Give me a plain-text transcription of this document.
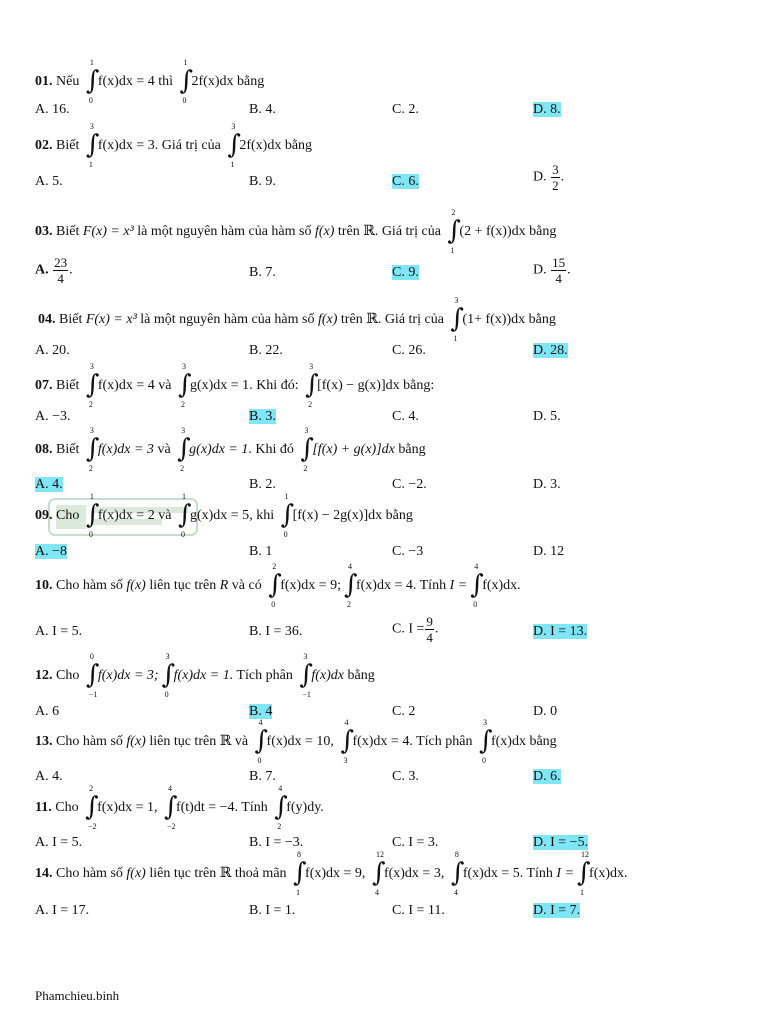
01. Nếu ∫
1
0
f(x)dx = 4 thì ∫
1
0
2f(x)dx bằng
A. 16.	B. 4.	C. 2.	D. 8.
02. Biết ∫
3
1
f(x)dx = 3. Giá trị của ∫
3
1
2f(x)dx bằng
A. 5.	B. 9.	C. 6.	D. $\frac{3}{2}$ .
03. Biết F(x) = x³ là một nguyên hàm của hàm số f(x) trên ℝ. Giá trị của ∫
2
1
(2 + f(x))dx bằng
A. $\frac{23}{4}$ .	B. 7.	C. 9.	D. $\frac{15}{4}$ .
04. Biết F(x) = x³ là một nguyên hàm của hàm số f(x) trên ℝ. Giá trị của ∫
3
1
(1+ f(x))dx bằng
A. 20.	B. 22.	C. 26.	D. 28.
07. Biết ∫
3
2
f(x)dx = 4 và ∫
3
2
g(x)dx = 1. Khi đó: ∫
3
2
[f(x) − g(x)]dx bằng:
A. −3.	B. 3.	C. 4.	D. 5.
08. Biết ∫
3
2
f(x)dx = 3 và ∫
3
2
g(x)dx = 1. Khi đó ∫
3
2
[f(x) + g(x)]dx bằng
A. 4.	B. 2.	C. −2.	D. 3.
09. Cho ∫
1
0
f(x)dx = 2 và ∫
1
0
g(x)dx = 5, khi ∫
1
0
[f(x) − 2g(x)]dx bằng
A. −8	B. 1	C. −3	D. 12
10. Cho hàm số f(x) liên tục trên R và có ∫
2
0
f(x)dx = 9; ∫
4
2
f(x)dx = 4. Tính I = ∫
4
0
f(x)dx.
A. I = 5.	B. I = 36.	C. $I = \frac{9}{4}$ .	D. I = 13.
12. Cho ∫
0
−1
f(x)dx = 3; ∫
3
0
f(x)dx = 1. Tích phân ∫
3
−1
f(x)dx bằng
A. 6	B. 4	C. 2	D. 0
13. Cho hàm số f(x) liên tục trên ℝ và ∫
4
0
f(x)dx = 10, ∫
4
3
f(x)dx = 4. Tích phân ∫
3
0
f(x)dx bằng
A. 4.	B. 7.	C. 3.	D. 6.
11. Cho ∫
2
−2
f(x)dx = 1, ∫
4
−2
f(t)dt = −4. Tính ∫
4
2
f(y)dy.
A. I = 5.	B. I = −3.	C. I = 3.	D. I = −5.
14. Cho hàm số f(x) liên tục trên ℝ thoả mãn ∫
8
1
f(x)dx = 9, ∫
12
4
f(x)dx = 3, ∫
8
4
f(x)dx = 5. Tính I = ∫
12
1
f(x)dx.
A. I = 17.	B. I = 1.	C. I = 11.	D. I = 7.
Phamchieu.binh
